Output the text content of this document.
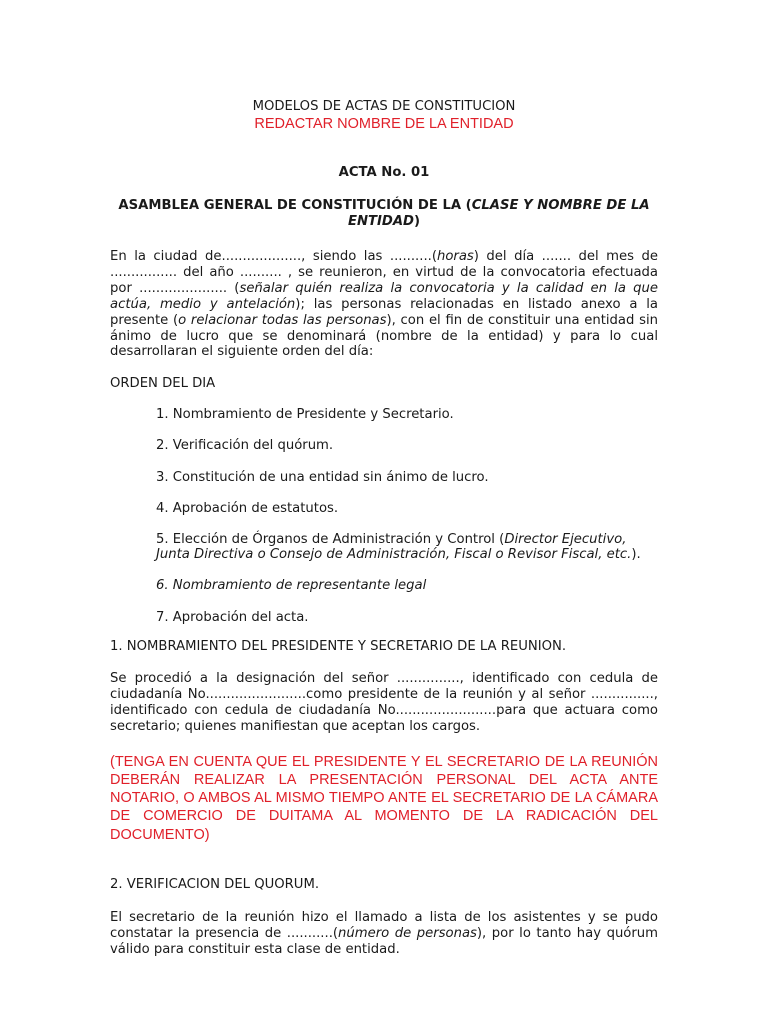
MODELOS DE ACTAS DE CONSTITUCION
REDACTAR NOMBRE DE LA ENTIDAD
ACTA No. 01
ASAMBLEA GENERAL DE CONSTITUCIÓN DE LA (CLASE Y NOMBRE DE LA ENTIDAD)

En la ciudad de..................., siendo las ..........(horas) del día ....... del mes de ................ del año .......... , se reunieron, en virtud de la convocatoria efectuada por ..................... (señalar quién realiza la convocatoria y la calidad en la que actúa, medio y antelación); las personas relacionadas en listado anexo a la presente (o relacionar todas las personas), con el fin de constituir una entidad sin ánimo de lucro que se denominará (nombre de la entidad) y para lo cual desarrollaran el siguiente orden del día:

ORDEN DEL DIA
1. Nombramiento de Presidente y Secretario.
2. Verificación del quórum.
3. Constitución de una entidad sin ánimo de lucro.
4. Aprobación de estatutos.
5. Elección de Órganos de Administración y Control (Director Ejecutivo, Junta Directiva o Consejo de Administración, Fiscal o Revisor Fiscal, etc.).
6. Nombramiento de representante legal
7. Aprobación del acta.
1. NOMBRAMIENTO DEL PRESIDENTE Y SECRETARIO DE LA REUNION.

Se procedió a la designación del señor ..............., identificado con cedula de ciudadanía No........................como presidente de la reunión y al señor ..............., identificado con cedula de ciudadanía No........................para que actuara como secretario; quienes manifiestan que aceptan los cargos.

(TENGA EN CUENTA QUE EL PRESIDENTE Y EL SECRETARIO DE LA REUNIÓN DEBERÁN REALIZAR LA PRESENTACIÓN PERSONAL DEL ACTA ANTE NOTARIO, O AMBOS AL MISMO TIEMPO ANTE EL SECRETARIO DE LA CÁMARA DE COMERCIO DE DUITAMA AL MOMENTO DE LA RADICACIÓN DEL DOCUMENTO)

2. VERIFICACION DEL QUORUM.

El secretario de la reunión hizo el llamado a lista de los asistentes y se pudo constatar la presencia de ...........(número de personas), por lo tanto hay quórum válido para constituir esta clase de entidad.
